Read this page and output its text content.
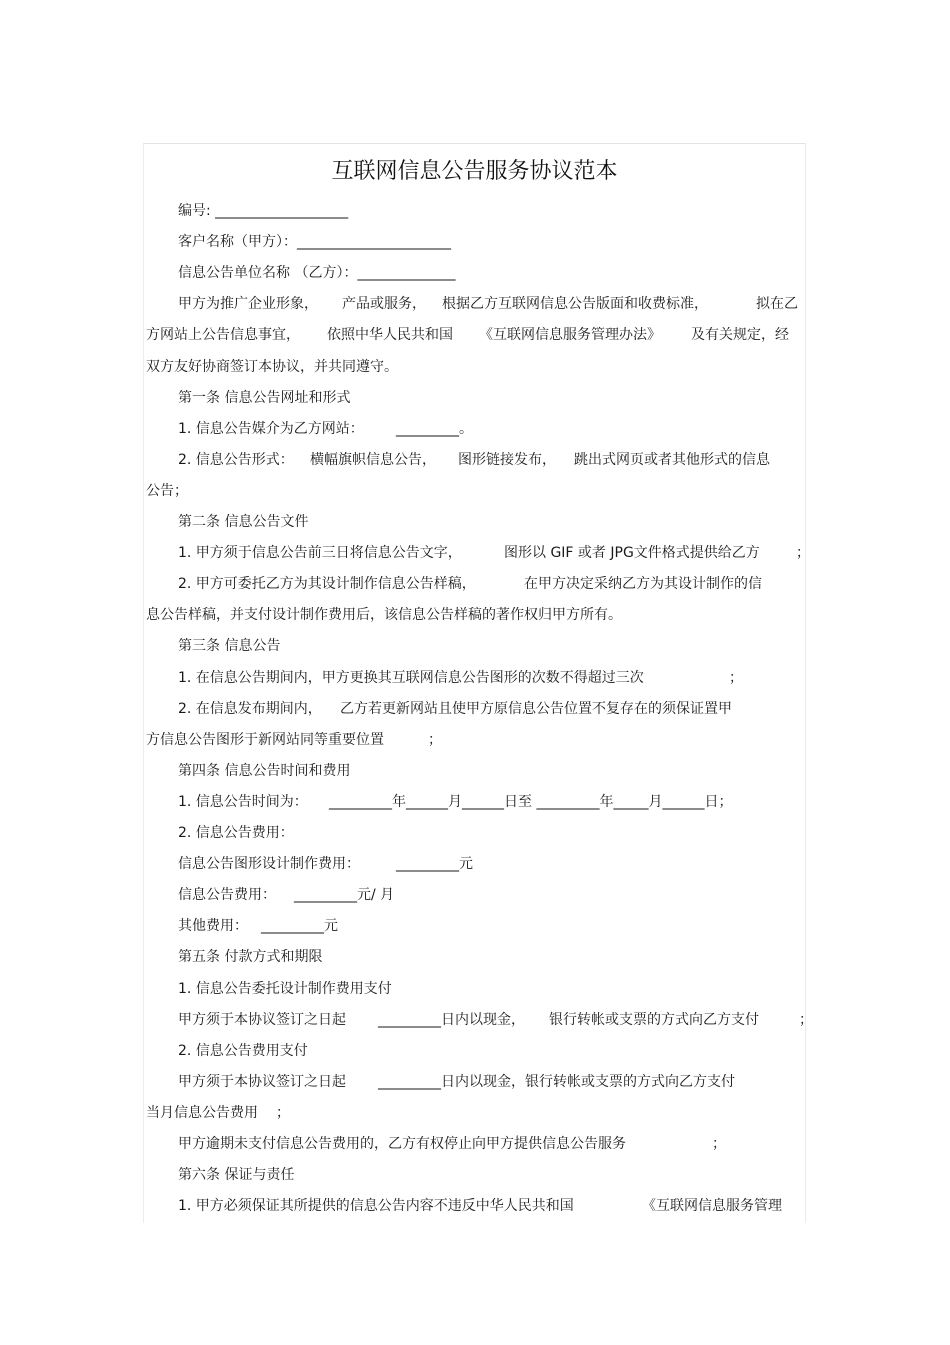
互联网信息公告服务协议范本
编号: ___________________
客户名称（甲方）：______________________
信息公告单位名称 （乙方）：______________
甲方为推广企业形象， 产品或服务， 根据乙方互联网信息公告版面和收费标准，	拟在乙
方网站上公告信息事宜， 依照中华人民共和国 《互联网信息服务管理办法》 及有关规定，经
双方友好协商签订本协议，并共同遵守。
第一条 信息公告网址和形式
1. 信息公告媒介为乙方网站： _________。
2. 信息公告形式： 横幅旗帜信息公告， 图形链接发布， 跳出式网页或者其他形式的信息
公告；
第二条 信息公告文件
1. 甲方须于信息公告前三日将信息公告文字，	图形以 GIF 或者 JPG文件格式提供给乙方	；
2. 甲方可委托乙方为其设计制作信息公告样稿，	在甲方决定采纳乙方为其设计制作的信
息公告样稿，并支付设计制作费用后，该信息公告样稿的著作权归甲方所有。
第三条 信息公告
1. 在信息公告期间内，甲方更换其互联网信息公告图形的次数不得超过三次	；
2. 在信息发布期间内， 乙方若更新网站且使甲方原信息公告位置不复存在的须保证置甲
方信息公告图形于新网站同等重要位置	；
第四条 信息公告时间和费用
1. 信息公告时间为： _________年______月______日至 _________年_____月______日；
2. 信息公告费用：
信息公告图形设计制作费用：	_________元
信息公告费用： _________元/ 月
其他费用： _________元
第五条 付款方式和期限
1. 信息公告委托设计制作费用支付
甲方须于本协议签订之日起 _________日内以现金， 银行转帐或支票的方式向乙方支付	；
2. 信息公告费用支付
甲方须于本协议签订之日起 _________日内以现金，银行转帐或支票的方式向乙方支付
当月信息公告费用 ；
甲方逾期未支付信息公告费用的，乙方有权停止向甲方提供信息公告服务	；
第六条 保证与责任
1. 甲方必须保证其所提供的信息公告内容不违反中华人民共和国	《互联网信息服务管理
